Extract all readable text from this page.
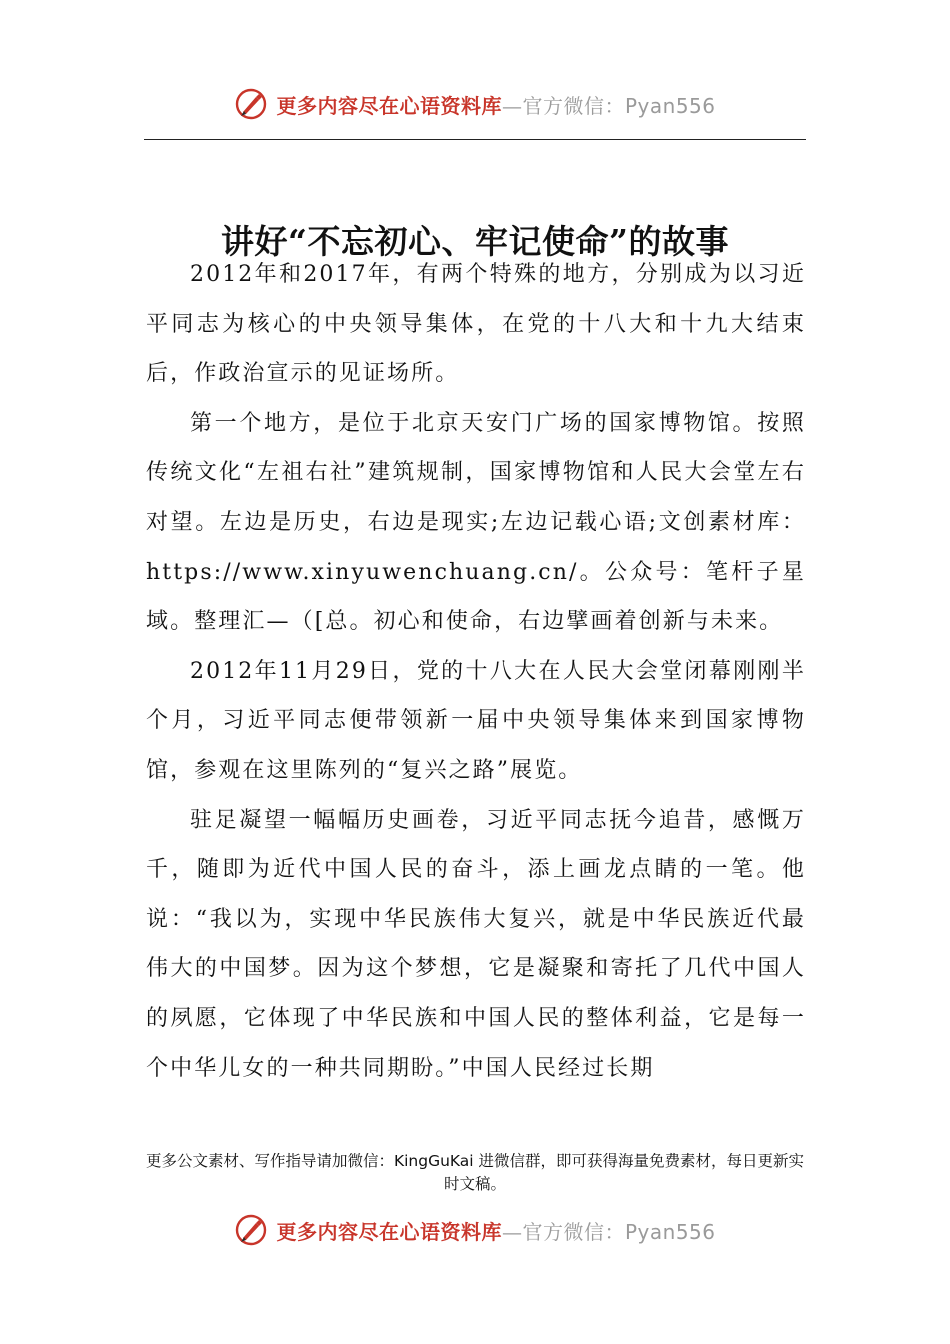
更多内容尽在心语资料库—官方微信：Pyan556
讲好“不忘初心、牢记使命”的故事

2012年和2017年，有两个特殊的地方，分别成为以习近平同志为核心的中央领导集体，在党的十八大和十九大结束后，作政治宣示的见证场所。

第一个地方，是位于北京天安门广场的国家博物馆。按照传统文化“左祖右社”建筑规制，国家博物馆和人民大会堂左右对望。左边是历史，右边是现实;左边记载心语;文创素材库：https://www.xinyuwenchuang.cn/。公众号：笔杆子星域。整理汇—（[总。初心和使命，右边擘画着创新与未来。

2012年11月29日，党的十八大在人民大会堂闭幕刚刚半个月，习近平同志便带领新一届中央领导集体来到国家博物馆，参观在这里陈列的“复兴之路”展览。

驻足凝望一幅幅历史画卷，习近平同志抚今追昔，感慨万千，随即为近代中国人民的奋斗，添上画龙点睛的一笔。他说：“我以为，实现中华民族伟大复兴，就是中华民族近代最伟大的中国梦。因为这个梦想，它是凝聚和寄托了几代中国人的夙愿，它体现了中华民族和中国人民的整体利益，它是每一个中华儿女的一种共同期盼。”中国人民经过长期

更多公文素材、写作指导请加微信：KingGuKai 进微信群，即可获得海量免费素材，每日更新实时文稿。
更多内容尽在心语资料库—官方微信：Pyan556
